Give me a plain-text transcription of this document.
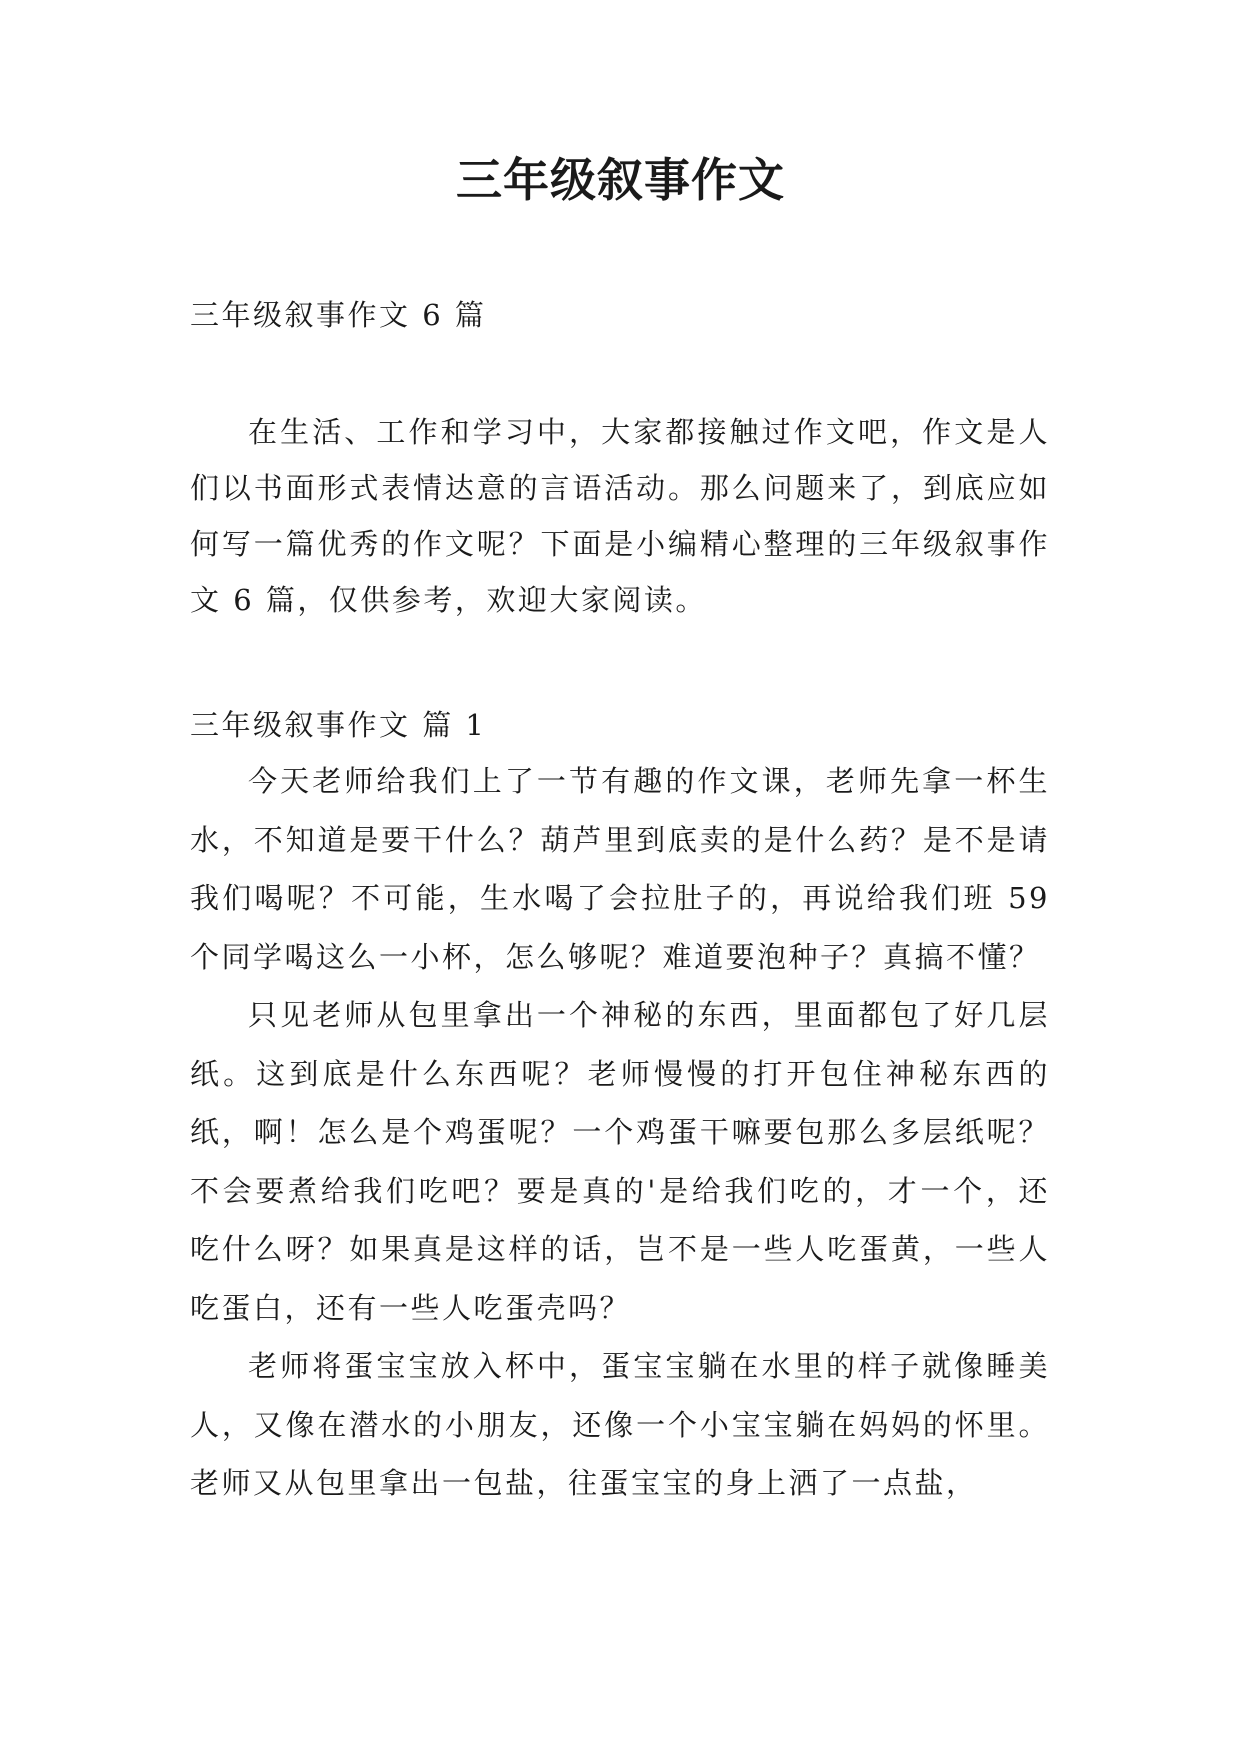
三年级叙事作文
三年级叙事作文 6 篇

在生活、工作和学习中，大家都接触过作文吧，作文是人们以书面形式表情达意的言语活动。那么问题来了，到底应如何写一篇优秀的作文呢？下面是小编精心整理的三年级叙事作文 6 篇，仅供参考，欢迎大家阅读。

三年级叙事作文 篇 1

今天老师给我们上了一节有趣的作文课，老师先拿一杯生水，不知道是要干什么？葫芦里到底卖的是什么药？是不是请我们喝呢？不可能，生水喝了会拉肚子的，再说给我们班 59 个同学喝这么一小杯，怎么够呢？难道要泡种子？真搞不懂？

只见老师从包里拿出一个神秘的东西，里面都包了好几层纸。这到底是什么东西呢？老师慢慢的打开包住神秘东西的纸，啊！怎么是个鸡蛋呢？一个鸡蛋干嘛要包那么多层纸呢？不会要煮给我们吃吧？要是真的'是给我们吃的，才一个，还吃什么呀？如果真是这样的话，岂不是一些人吃蛋黄，一些人吃蛋白，还有一些人吃蛋壳吗？

老师将蛋宝宝放入杯中，蛋宝宝躺在水里的样子就像睡美人，又像在潜水的小朋友，还像一个小宝宝躺在妈妈的怀里。老师又从包里拿出一包盐，往蛋宝宝的身上洒了一点盐，
